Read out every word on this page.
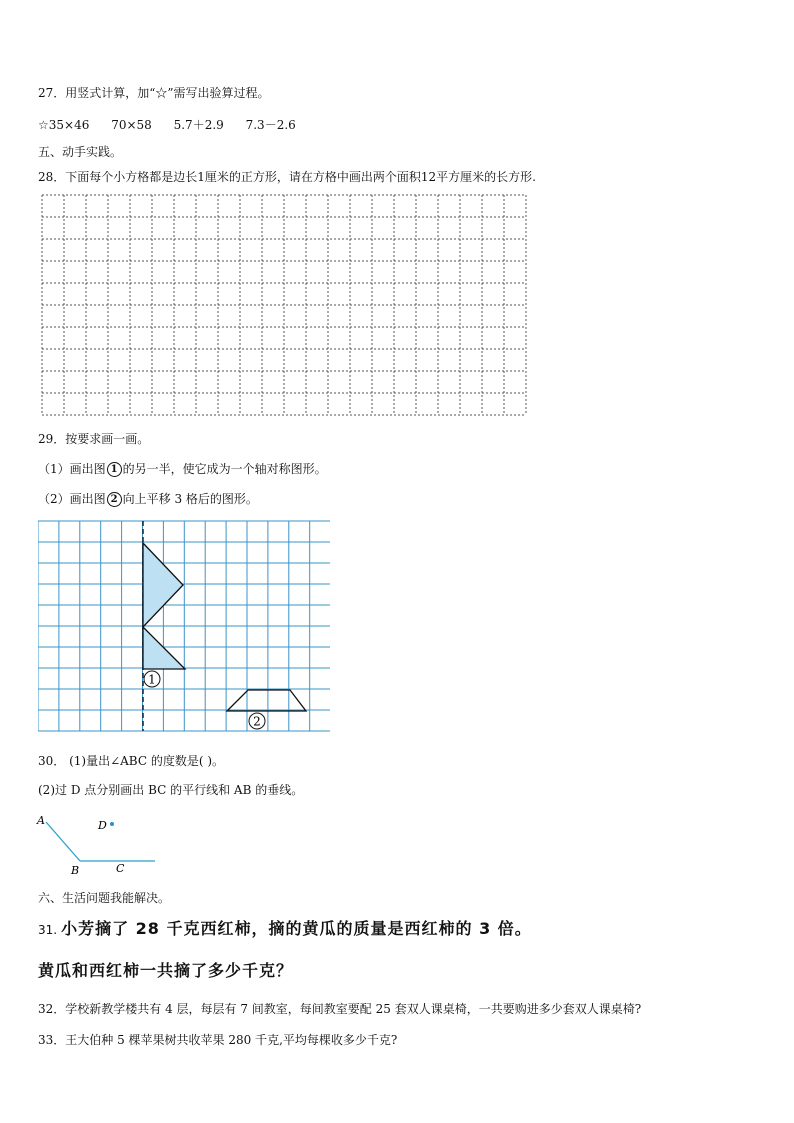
27．用竖式计算，加“☆”需写出验算过程。
☆35×46 70×58 5.7＋2.9 7.3－2.6
五、动手实践。
28．下面每个小方格都是边长1厘米的正方形，请在方格中画出两个面积12平方厘米的长方形.
29．按要求画一画。
（1）画出图 1 的另一半，使它成为一个轴对称图形。
（2）画出图 2 向上平移 3 格后的图形。
1
2
30． (1)量出∠ABC 的度数是( )。
(2)过 D 点分别画出 BC 的平行线和 AB 的垂线。
A
B	C
D
六、生活问题我能解决。
31. 小芳摘了 28 千克西红柿，摘的黄瓜的质量是西红柿的 3 倍。
黄瓜和西红柿一共摘了多少千克？
32．学校新教学楼共有 4 层，每层有 7 间教室，每间教室要配 25 套双人课桌椅，一共要购进多少套双人课桌椅?
33．王大伯种 5 棵苹果树共收苹果 280 千克,平均每棵收多少千克?
